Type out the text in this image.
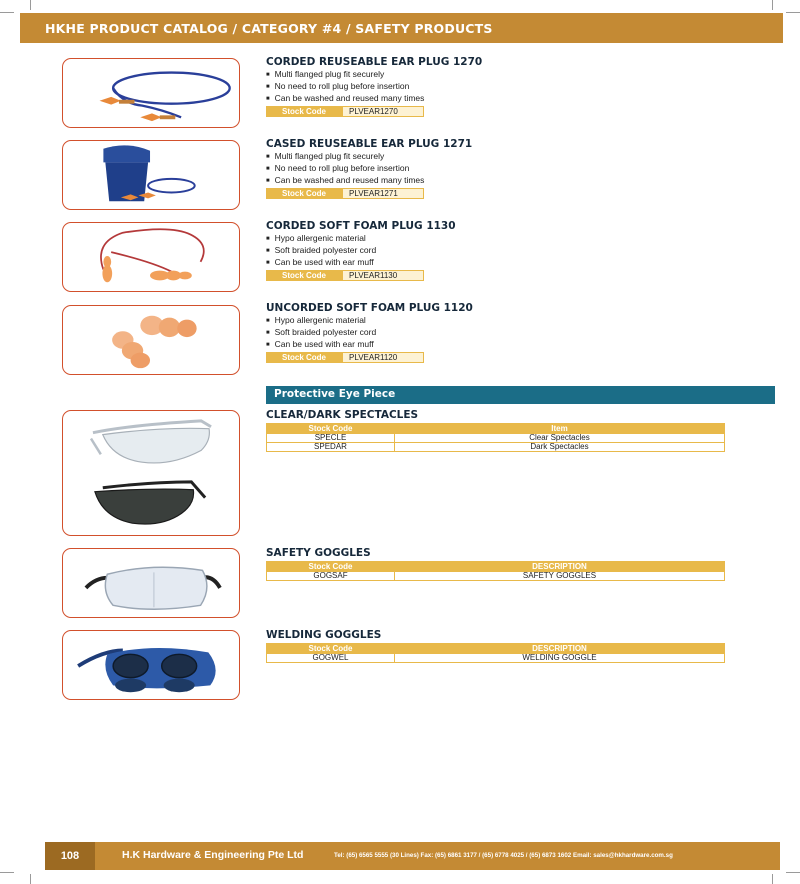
HKHE PRODUCT CATALOG / CATEGORY #4 / SAFETY PRODUCTS
CORDED REUSEABLE EAR PLUG 1270
■ Multi flanged plug fit securely
■ No need to roll plug before insertion
■ Can be washed and reused many times
Stock Code	PLVEAR1270
CASED REUSEABLE EAR PLUG 1271
■ Multi flanged plug fit securely
■ No need to roll plug before insertion
■ Can be washed and reused many times
Stock Code	PLVEAR1271
CORDED SOFT FOAM PLUG 1130
■ Hypo allergenic material
■ Soft braided polyester cord
■ Can be used with ear muff
Stock Code	PLVEAR1130
UNCORDED SOFT FOAM PLUG 1120
■ Hypo allergenic material
■ Soft braided polyester cord
■ Can be used with ear muff
Stock Code	PLVEAR1120
Protective Eye Piece
CLEAR/DARK SPECTACLES
Stock Code	Item
SPECLE	Clear Spectacles
SPEDAR	Dark Spectacles
SAFETY GOGGLES
Stock Code	DESCRIPTION
GOGSAF	SAFETY GOGGLES
WELDING GOGGLES
Stock Code	DESCRIPTION
GOGWEL	WELDING GOGGLE
108	H.K Hardware & Engineering Pte Ltd	Tel: (65) 6565 5555 (30 Lines) Fax: (65) 6861 3177 / (65) 6778 4025 / (65) 6873 1602 Email: sales@hkhardware.com.sg
